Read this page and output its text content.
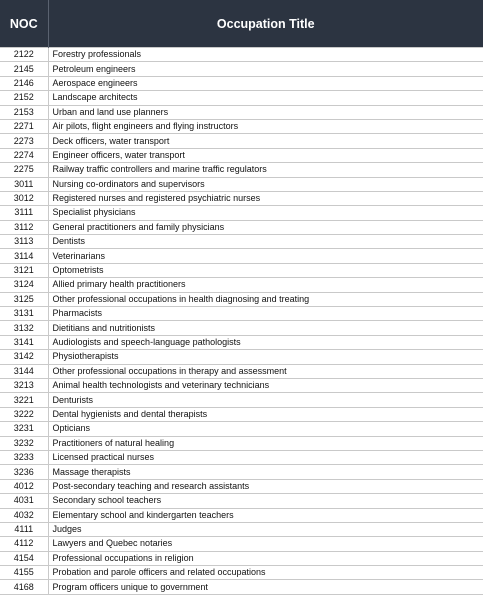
NOC	Occupation Title
2122	Forestry professionals
2145	Petroleum engineers
2146	Aerospace engineers
2152	Landscape architects
2153	Urban and land use planners
2271	Air pilots, flight engineers and flying instructors
2273	Deck officers, water transport
2274	Engineer officers, water transport
2275	Railway traffic controllers and marine traffic regulators
3011	Nursing co-ordinators and supervisors
3012	Registered nurses and registered psychiatric nurses
3111	Specialist physicians
3112	General practitioners and family physicians
3113	Dentists
3114	Veterinarians
3121	Optometrists
3124	Allied primary health practitioners
3125	Other professional occupations in health diagnosing and treating
3131	Pharmacists
3132	Dietitians and nutritionists
3141	Audiologists and speech-language pathologists
3142	Physiotherapists
3144	Other professional occupations in therapy and assessment
3213	Animal health technologists and veterinary technicians
3221	Denturists
3222	Dental hygienists and dental therapists
3231	Opticians
3232	Practitioners of natural healing
3233	Licensed practical nurses
3236	Massage therapists
4012	Post-secondary teaching and research assistants
4031	Secondary school teachers
4032	Elementary school and kindergarten teachers
4111	Judges
4112	Lawyers and Quebec notaries
4154	Professional occupations in religion
4155	Probation and parole officers and related occupations
4168	Program officers unique to government
